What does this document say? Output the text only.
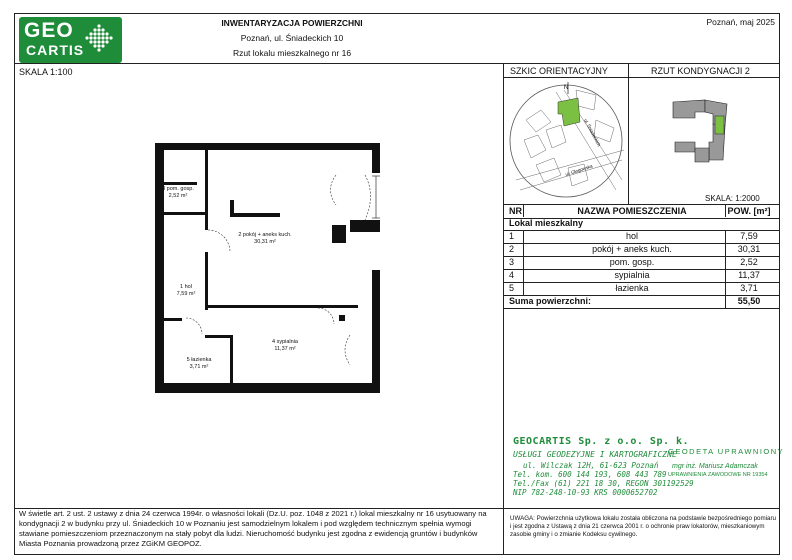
GEO
CARTIS
INWENTARYZACJA POWIERZCHNI
Poznań, ul. Śniadeckich 10
Rzut lokalu mieszkalnego nr 16
Poznań, maj 2025
SKALA 1:100
3 pom. gosp.
2,52 m²
2 pokój + aneks kuch.
30,31 m²
1 hol
7,59 m²
4 sypialnia
11,37 m²
5 łazienka
3,71 m²
SZKIC ORIENTACYJNY	RZUT KONDYGNACJI 2
N
ul. Śniadeckich
ul. Głogowska
SKALA: 1:2000
NR	NAZWA POMIESZCZENIA	POW. [m²]
Lokal mieszkalny
1	hol	7,59
2	pokój + aneks kuch.	30,31
3	pom. gosp.	2,52
4	sypialnia	11,37
5	łazienka	3,71
Suma powierzchni:	55,50
GEOCARTIS Sp. z o.o. Sp. k.
USŁUGI GEODEZYJNE I KARTOGRAFICZNE
ul. Wilczak 12H, 61-623 Poznań
Tel. kom. 600 144 193, 608 443 789
Tel./Fax (61) 221 18 30, REGON 301192529
NIP 782-248-10-93 KRS 0000652702
GEODETA UPRAWNIONY
mgr inż. Mariusz Adamczak
UPRAWNIENIA ZAWODOWE NR 19354
W świetle art. 2 ust. 2 ustawy z dnia 24 czerwca 1994r. o własności lokali (Dz.U. poz. 1048 z 2021 r.) lokal mieszkalny nr 16 usytuowany na kondygnacji 2 w budynku przy ul. Śniadeckich 10 w Poznaniu jest samodzielnym lokalem i pod względem technicznym spełnia wymogi stawiane pomieszczeniom przeznaczonym na stały pobyt dla ludzi. Nieruchomość budynku jest zgodna z ewidencją gruntów i budynków Miasta Poznania prowadzoną przez ZGiKM GEOPOZ.
UWAGA: Powierzchnia użytkowa lokalu została obliczona na podstawie bezpośredniego pomiaru i jest zgodna z Ustawą z dnia 21 czerwca 2001 r. o ochronie praw lokatorów, mieszkaniowym zasobie gminy i o zmianie Kodeksu cywilnego.
